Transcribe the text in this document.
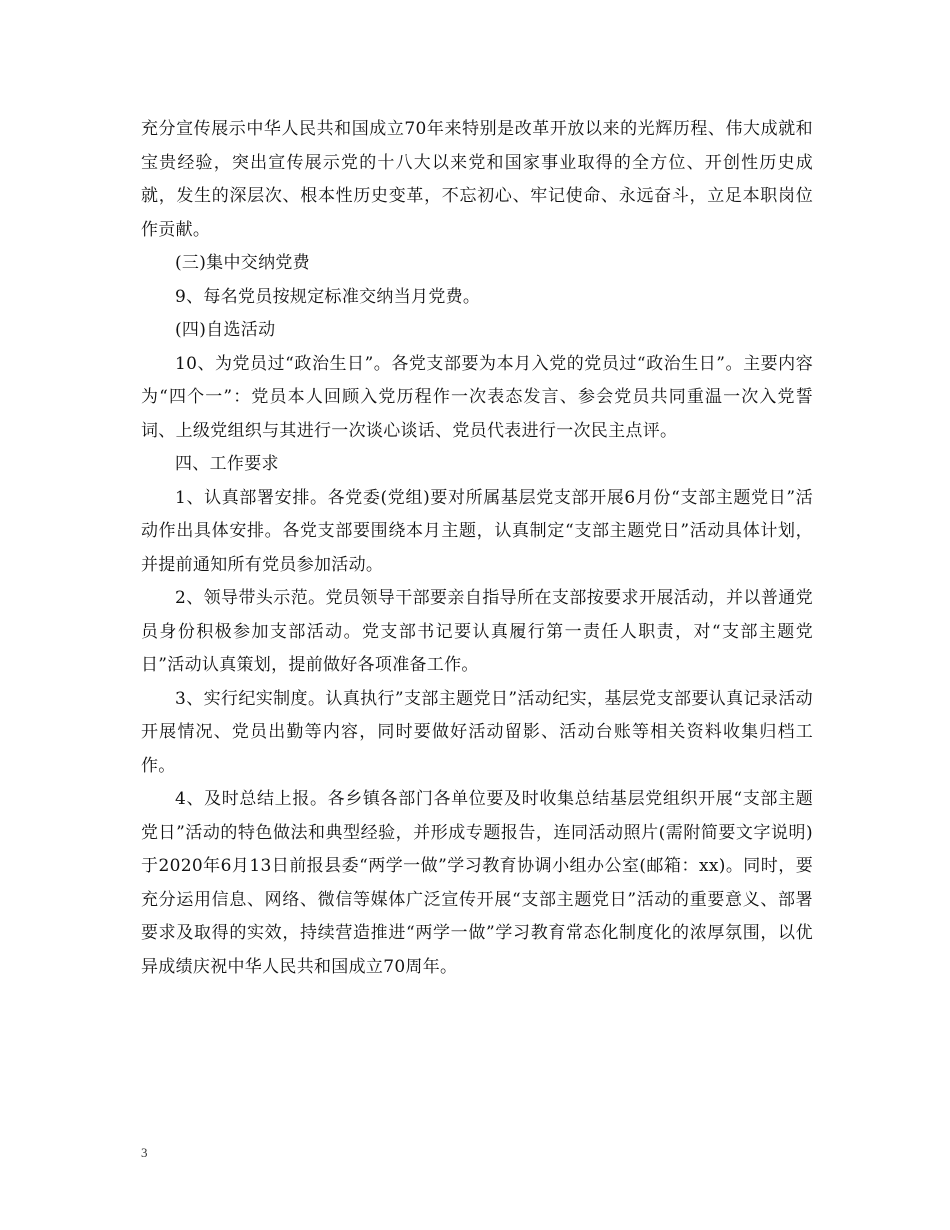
充分宣传展示中华人民共和国成立70年来特别是改革开放以来的光辉历程、伟大成就和宝贵经验，突出宣传展示党的十八大以来党和国家事业取得的全方位、开创性历史成就，发生的深层次、根本性历史变革，不忘初心、牢记使命、永远奋斗，立足本职岗位作贡献。

(三)集中交纳党费

9、每名党员按规定标准交纳当月党费。

(四)自选活动

10、为党员过“政治生日”。各党支部要为本月入党的党员过“政治生日”。主要内容为“四个一”：党员本人回顾入党历程作一次表态发言、参会党员共同重温一次入党誓词、上级党组织与其进行一次谈心谈话、党员代表进行一次民主点评。

四、工作要求

1、认真部署安排。各党委(党组)要对所属基层党支部开展6月份“支部主题党日”活动作出具体安排。各党支部要围绕本月主题，认真制定“支部主题党日”活动具体计划，并提前通知所有党员参加活动。

2、领导带头示范。党员领导干部要亲自指导所在支部按要求开展活动，并以普通党员身份积极参加支部活动。党支部书记要认真履行第一责任人职责，对“支部主题党日”活动认真策划，提前做好各项准备工作。

3、实行纪实制度。认真执行”支部主题党日”活动纪实，基层党支部要认真记录活动开展情况、党员出勤等内容，同时要做好活动留影、活动台账等相关资料收集归档工作。

4、及时总结上报。各乡镇各部门各单位要及时收集总结基层党组织开展“支部主题党日”活动的特色做法和典型经验，并形成专题报告，连同活动照片(需附简要文字说明)于2020年6月13日前报县委“两学一做”学习教育协调小组办公室(邮箱：xx)。同时，要充分运用信息、网络、微信等媒体广泛宣传开展“支部主题党日”活动的重要意义、部署要求及取得的实效，持续营造推进“两学一做”学习教育常态化制度化的浓厚氛围，以优异成绩庆祝中华人民共和国成立70周年。

3
